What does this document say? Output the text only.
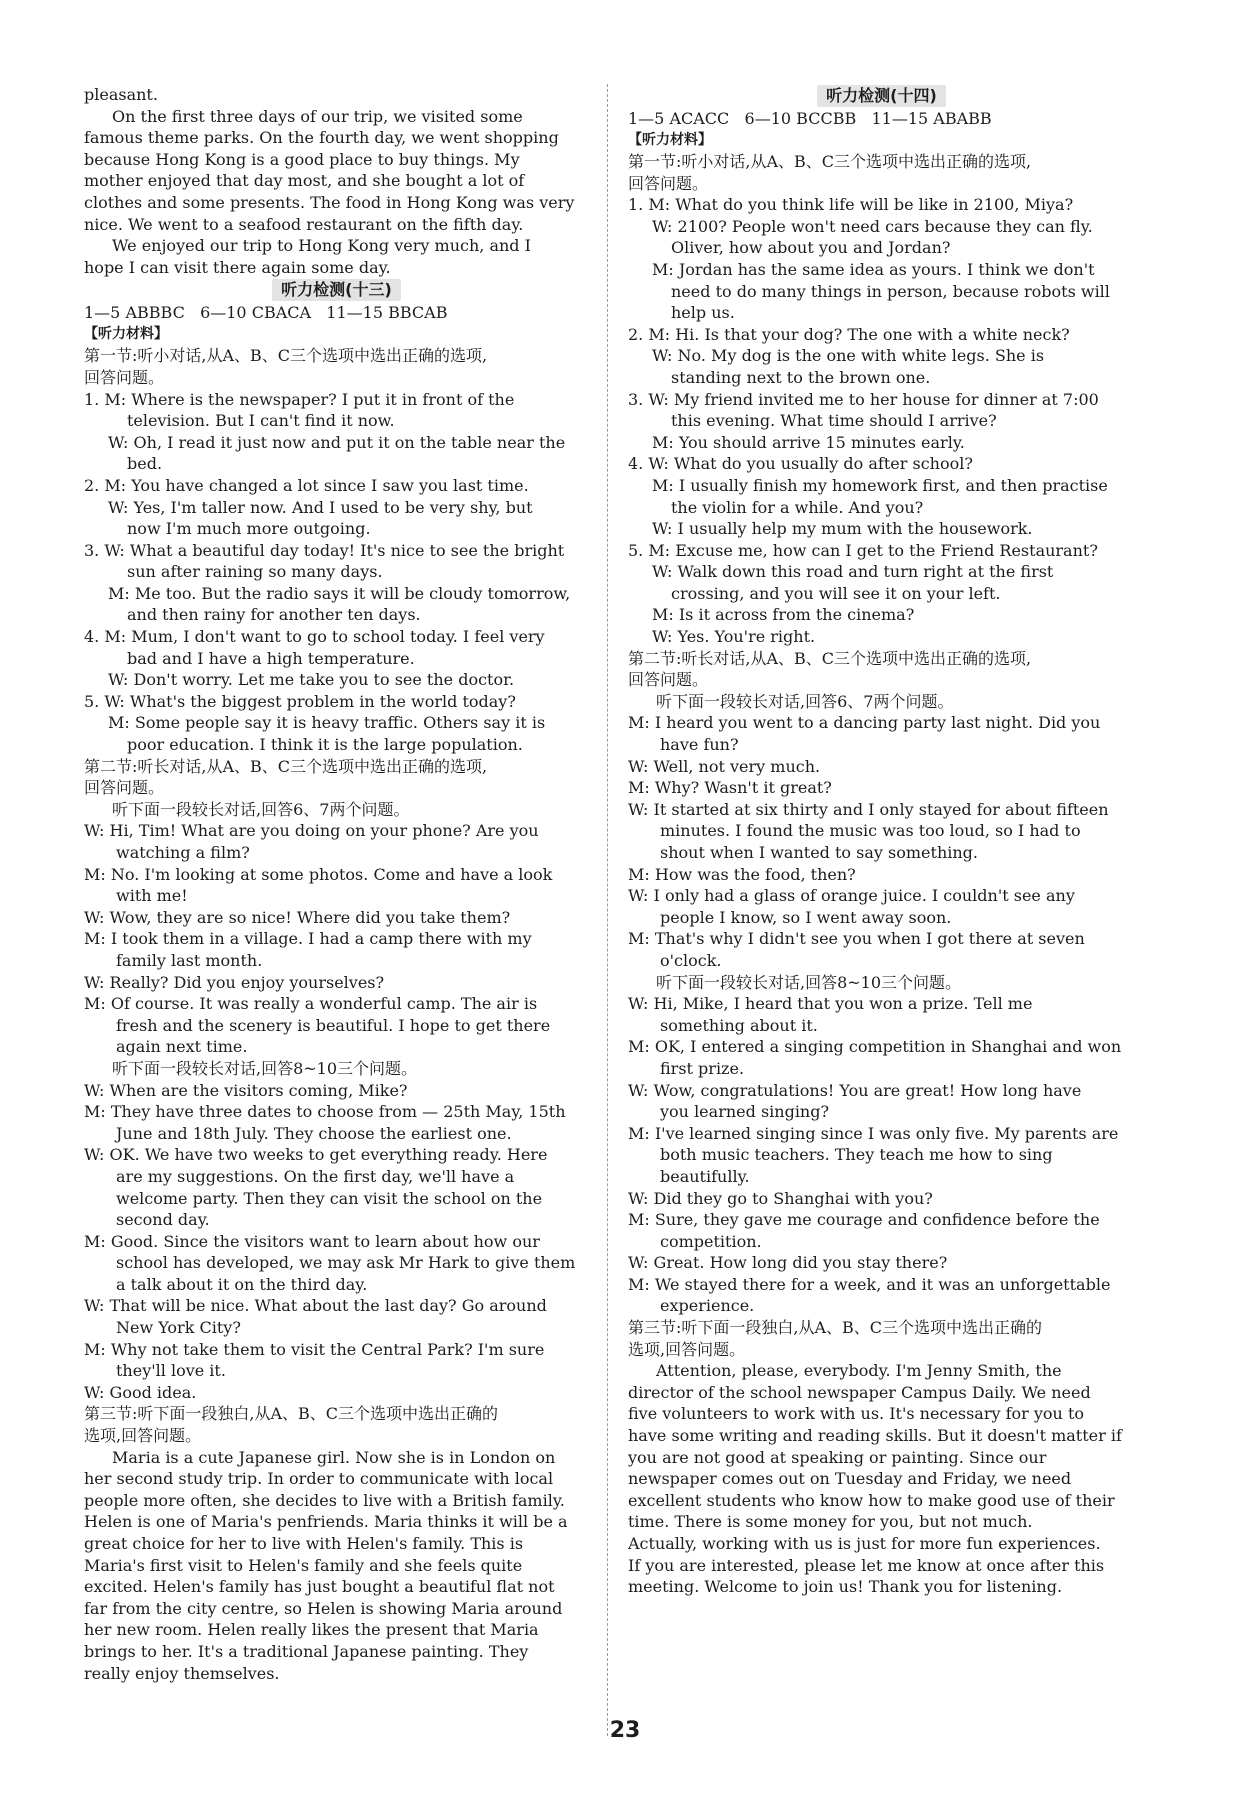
pleasant.
On the first three days of our trip, we visited some
famous theme parks. On the fourth day, we went shopping
because Hong Kong is a good place to buy things. My
mother enjoyed that day most, and she bought a lot of
clothes and some presents. The food in Hong Kong was very
nice. We went to a seafood restaurant on the fifth day.
We enjoyed our trip to Hong Kong very much, and I
hope I can visit there again some day.
听力检测(十三)
1—5 ABBBC   6—10 CBACA   11—15 BBCAB
【听力材料】
第一节:听小对话,从A、B、C三个选项中选出正确的选项,
回答问题。
1. M: Where is the newspaper? I put it in front of the
television. But I can't find it now.
W: Oh, I read it just now and put it on the table near the
bed.
2. M: You have changed a lot since I saw you last time.
W: Yes, I'm taller now. And I used to be very shy, but
now I'm much more outgoing.
3. W: What a beautiful day today! It's nice to see the bright
sun after raining so many days.
M: Me too. But the radio says it will be cloudy tomorrow,
and then rainy for another ten days.
4. M: Mum, I don't want to go to school today. I feel very
bad and I have a high temperature.
W: Don't worry. Let me take you to see the doctor.
5. W: What's the biggest problem in the world today?
M: Some people say it is heavy traffic. Others say it is
poor education. I think it is the large population.
第二节:听长对话,从A、B、C三个选项中选出正确的选项,
回答问题。
听下面一段较长对话,回答6、7两个问题。
W: Hi, Tim! What are you doing on your phone? Are you
watching a film?
M: No. I'm looking at some photos. Come and have a look
with me!
W: Wow, they are so nice! Where did you take them?
M: I took them in a village. I had a camp there with my
family last month.
W: Really? Did you enjoy yourselves?
M: Of course. It was really a wonderful camp. The air is
fresh and the scenery is beautiful. I hope to get there
again next time.
听下面一段较长对话,回答8~10三个问题。
W: When are the visitors coming, Mike?
M: They have three dates to choose from — 25th May, 15th
June and 18th July. They choose the earliest one.
W: OK. We have two weeks to get everything ready. Here
are my suggestions. On the first day, we'll have a
welcome party. Then they can visit the school on the
second day.
M: Good. Since the visitors want to learn about how our
school has developed, we may ask Mr Hark to give them
a talk about it on the third day.
W: That will be nice. What about the last day? Go around
New York City?
M: Why not take them to visit the Central Park? I'm sure
they'll love it.
W: Good idea.
第三节:听下面一段独白,从A、B、C三个选项中选出正确的
选项,回答问题。
Maria is a cute Japanese girl. Now she is in London on
her second study trip. In order to communicate with local
people more often, she decides to live with a British family.
Helen is one of Maria's penfriends. Maria thinks it will be a
great choice for her to live with Helen's family. This is
Maria's first visit to Helen's family and she feels quite
excited. Helen's family has just bought a beautiful flat not
far from the city centre, so Helen is showing Maria around
her new room. Helen really likes the present that Maria
brings to her. It's a traditional Japanese painting. They
really enjoy themselves.
听力检测(十四)
1—5 ACACC   6—10 BCCBB   11—15 ABABB
【听力材料】
第一节:听小对话,从A、B、C三个选项中选出正确的选项,
回答问题。
1. M: What do you think life will be like in 2100, Miya?
W: 2100? People won't need cars because they can fly.
Oliver, how about you and Jordan?
M: Jordan has the same idea as yours. I think we don't
need to do many things in person, because robots will
help us.
2. M: Hi. Is that your dog? The one with a white neck?
W: No. My dog is the one with white legs. She is
standing next to the brown one.
3. W: My friend invited me to her house for dinner at 7:00
this evening. What time should I arrive?
M: You should arrive 15 minutes early.
4. W: What do you usually do after school?
M: I usually finish my homework first, and then practise
the violin for a while. And you?
W: I usually help my mum with the housework.
5. M: Excuse me, how can I get to the Friend Restaurant?
W: Walk down this road and turn right at the first
crossing, and you will see it on your left.
M: Is it across from the cinema?
W: Yes. You're right.
第二节:听长对话,从A、B、C三个选项中选出正确的选项,
回答问题。
听下面一段较长对话,回答6、7两个问题。
M: I heard you went to a dancing party last night. Did you
have fun?
W: Well, not very much.
M: Why? Wasn't it great?
W: It started at six thirty and I only stayed for about fifteen
minutes. I found the music was too loud, so I had to
shout when I wanted to say something.
M: How was the food, then?
W: I only had a glass of orange juice. I couldn't see any
people I know, so I went away soon.
M: That's why I didn't see you when I got there at seven
o'clock.
听下面一段较长对话,回答8~10三个问题。
W: Hi, Mike, I heard that you won a prize. Tell me
something about it.
M: OK, I entered a singing competition in Shanghai and won
first prize.
W: Wow, congratulations! You are great! How long have
you learned singing?
M: I've learned singing since I was only five. My parents are
both music teachers. They teach me how to sing
beautifully.
W: Did they go to Shanghai with you?
M: Sure, they gave me courage and confidence before the
competition.
W: Great. How long did you stay there?
M: We stayed there for a week, and it was an unforgettable
experience.
第三节:听下面一段独白,从A、B、C三个选项中选出正确的
选项,回答问题。
Attention, please, everybody. I'm Jenny Smith, the
director of the school newspaper Campus Daily. We need
five volunteers to work with us. It's necessary for you to
have some writing and reading skills. But it doesn't matter if
you are not good at speaking or painting. Since our
newspaper comes out on Tuesday and Friday, we need
excellent students who know how to make good use of their
time. There is some money for you, but not much.
Actually, working with us is just for more fun experiences.
If you are interested, please let me know at once after this
meeting. Welcome to join us! Thank you for listening.
23
